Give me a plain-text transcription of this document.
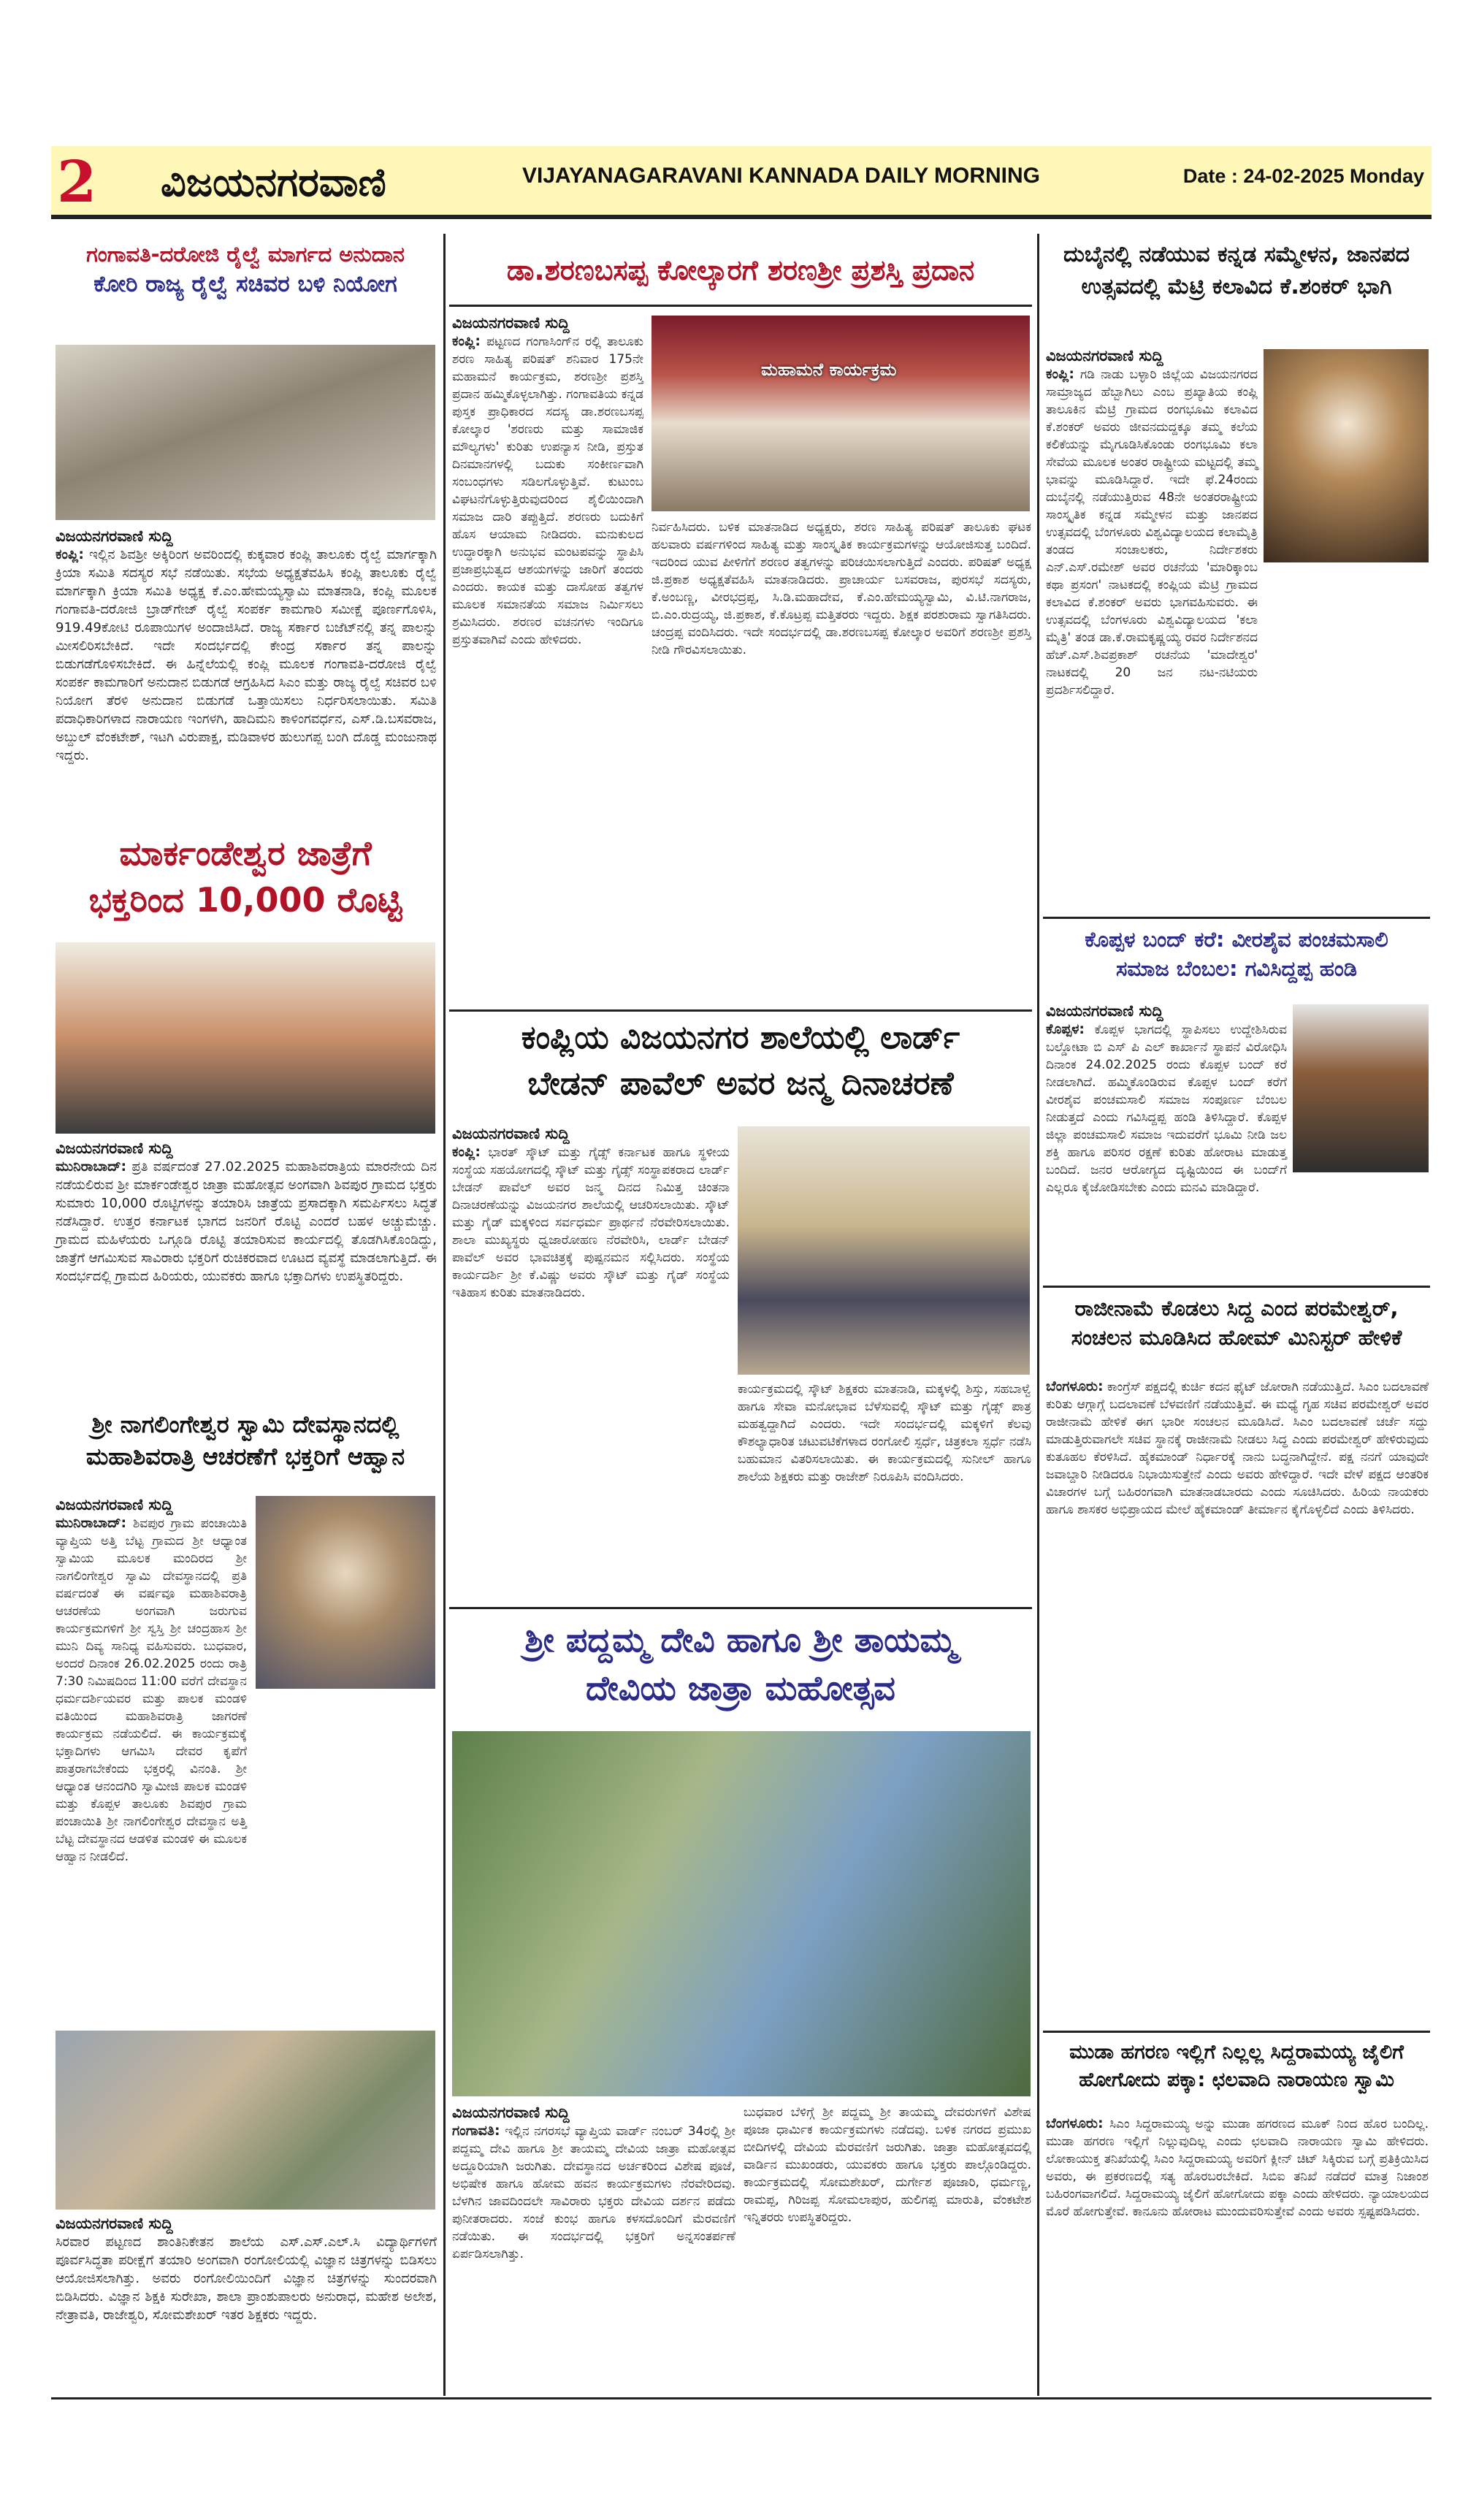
2 ವಿಜಯನಗರವಾಣಿ	VIJAYANAGARAVANI KANNADA DAILY MORNING	Date : 24-02-2025 Monday
ಗಂಗಾವತಿ-ದರೋಜಿ ರೈಲ್ವೆ ಮಾರ್ಗದ ಅನುದಾನ
ಕೋರಿ ರಾಜ್ಯ ರೈಲ್ವೆ ಸಚಿವರ ಬಳಿ ನಿಯೋಗ
ವಿಜಯನಗರವಾಣಿ ಸುದ್ದಿ
ಕಂಪ್ಲಿ: ಇಲ್ಲಿನ ಶಿವಶ್ರೀ ಅಕ್ಕಿರಿಂಗ ಅವರಿಂದಲ್ಲಿ ಕುಕ್ಕವಾರ ಕಂಪ್ಲಿ ತಾಲೂಕು ರೈಲ್ವೆ ಮಾರ್ಗಕ್ಕಾಗಿ ಕ್ರಿಯಾ ಸಮಿತಿ ಸದಸ್ಯರ ಸಭೆ ನಡೆಯಿತು. ಸಭೆಯ ಅಧ್ಯಕ್ಷತೆವಹಿಸಿ ಕಂಪ್ಲಿ ತಾಲೂಕು ರೈಲ್ವೆ ಮಾರ್ಗಕ್ಕಾಗಿ ಕ್ರಿಯಾ ಸಮಿತಿ ಅಧ್ಯಕ್ಷ ಕೆ.ಎಂ.ಹೇಮಯ್ಯಸ್ವಾಮಿ ಮಾತನಾಡಿ, ಕಂಪ್ಲಿ ಮೂಲಕ ಗಂಗಾವತಿ-ದರೋಜಿ ಬ್ರಾಡ್‌ಗೇಜ್ ರೈಲ್ವೆ ಸಂಪರ್ಕ ಕಾಮಗಾರಿ ಸಮೀಕ್ಷೆ ಪೂರ್ಣಗೊಳಿಸಿ, 919.49ಕೋಟಿ ರೂಪಾಯಿಗಳ ಅಂದಾಜಿಸಿದೆ. ರಾಜ್ಯ ಸರ್ಕಾರ ಬಜೆಟ್‌ನಲ್ಲಿ ತನ್ನ ಪಾಲನ್ನು ಮೀಸಲಿರಿಸಬೇಕಿದೆ. ಇದೇ ಸಂದರ್ಭದಲ್ಲಿ ಕೇಂದ್ರ ಸರ್ಕಾರ ತನ್ನ ಪಾಲನ್ನು ಬಿಡುಗಡೆಗೊಳಿಸಬೇಕಿದೆ. ಈ ಹಿನ್ನೆಲೆಯಲ್ಲಿ ಕಂಪ್ಲಿ ಮೂಲಕ ಗಂಗಾವತಿ-ದರೋಜಿ ರೈಲ್ವೆ ಸಂಪರ್ಕ ಕಾಮಗಾರಿಗೆ ಅನುದಾನ ಬಿಡುಗಡೆ ಆಗ್ರಹಿಸಿದ ಸಿಎಂ ಮತ್ತು ರಾಜ್ಯ ರೈಲ್ವೆ ಸಚಿವರ ಬಳಿ ನಿಯೋಗ ತೆರಳಿ ಅನುದಾನ ಬಿಡುಗಡೆ ಒತ್ತಾಯಿಸಲು ನಿರ್ಧರಿಸಲಾಯಿತು. ಸಮಿತಿ ಪದಾಧಿಕಾರಿಗಳಾದ ನಾರಾಯಣ ಇಂಗಳಗಿ, ಹಾದಿಮನಿ ಕಾಳಿಂಗವರ್ಧನ, ಎಸ್.ಡಿ.ಬಸವರಾಜ, ಅಬ್ದುಲ್ ವೆಂಕಟೇಶ್, ಇಟಗಿ ವಿರುಪಾಕ್ಷ, ಮಡಿವಾಳರ ಹುಲುಗಪ್ಪ ಬಂಗಿ ದೊಡ್ಡ ಮಂಜುನಾಥ ಇದ್ದರು.
ಮಾರ್ಕಂಡೇಶ್ವರ ಜಾತ್ರೆಗೆ
ಭಕ್ತರಿಂದ 10,000 ರೊಟ್ಟಿ
ವಿಜಯನಗರವಾಣಿ ಸುದ್ದಿ
ಮುನಿರಾಬಾದ್: ಪ್ರತಿ ವರ್ಷದಂತೆ 27.02.2025 ಮಹಾಶಿವರಾತ್ರಿಯ ಮಾರನೇಯ ದಿನ ನಡೆಯಲಿರುವ ಶ್ರೀ ಮಾರ್ಕಂಡೇಶ್ವರ ಜಾತ್ರಾ ಮಹೋತ್ಸವ ಅಂಗವಾಗಿ ಶಿವಪುರ ಗ್ರಾಮದ ಭಕ್ತರು ಸುಮಾರು 10,000 ರೊಟ್ಟಿಗಳನ್ನು ತಯಾರಿಸಿ ಜಾತ್ರೆಯ ಪ್ರಸಾದಕ್ಕಾಗಿ ಸಮರ್ಪಿಸಲು ಸಿದ್ಧತೆ ನಡೆಸಿದ್ದಾರೆ. ಉತ್ತರ ಕರ್ನಾಟಕ ಭಾಗದ ಜನರಿಗೆ ರೊಟ್ಟಿ ಎಂದರೆ ಬಹಳ ಅಚ್ಚುಮೆಚ್ಚು. ಗ್ರಾಮದ ಮಹಿಳೆಯರು ಒಗ್ಗೂಡಿ ರೊಟ್ಟಿ ತಯಾರಿಸುವ ಕಾರ್ಯದಲ್ಲಿ ತೊಡಗಿಸಿಕೊಂಡಿದ್ದು, ಜಾತ್ರೆಗೆ ಆಗಮಿಸುವ ಸಾವಿರಾರು ಭಕ್ತರಿಗೆ ರುಚಿಕರವಾದ ಊಟದ ವ್ಯವಸ್ಥೆ ಮಾಡಲಾಗುತ್ತಿದೆ. ಈ ಸಂದರ್ಭದಲ್ಲಿ ಗ್ರಾಮದ ಹಿರಿಯರು, ಯುವಕರು ಹಾಗೂ ಭಕ್ತಾದಿಗಳು ಉಪಸ್ಥಿತರಿದ್ದರು.
ಶ್ರೀ ನಾಗಲಿಂಗೇಶ್ವರ ಸ್ವಾಮಿ ದೇವಸ್ಥಾನದಲ್ಲಿ
ಮಹಾಶಿವರಾತ್ರಿ ಆಚರಣೆಗೆ ಭಕ್ತರಿಗೆ ಆಹ್ವಾನ
ವಿಜಯನಗರವಾಣಿ ಸುದ್ದಿ
ಮುನಿರಾಬಾದ್: ಶಿವಪುರ ಗ್ರಾಮ ಪಂಚಾಯಿತಿ ವ್ಯಾಪ್ತಿಯ ಅತ್ತಿ ಬೆಟ್ಟ ಗ್ರಾಮದ ಶ್ರೀ ಆಧ್ಯಾಂತ ಸ್ವಾಮಿಯ ಮೂಲಕ ಮಂದಿರದ ಶ್ರೀ ನಾಗಲಿಂಗೇಶ್ವರ ಸ್ವಾಮಿ ದೇವಸ್ಥಾನದಲ್ಲಿ ಪ್ರತಿ ವರ್ಷದಂತೆ ಈ ವರ್ಷವೂ ಮಹಾಶಿವರಾತ್ರಿ ಆಚರಣೆಯ ಅಂಗವಾಗಿ ಜರುಗುವ ಕಾರ್ಯಕ್ರಮಗಳಿಗೆ ಶ್ರೀ ಸ್ವಸ್ತಿ ಶ್ರೀ ಚಂದ್ರಹಾಸ ಶ್ರೀ ಮುನಿ ದಿವ್ಯ ಸಾನಿಧ್ಯ ವಹಿಸುವರು. ಬುಧವಾರ, ಅಂದರೆ ದಿನಾಂಕ 26.02.2025 ರಂದು ರಾತ್ರಿ 7:30 ನಿಮಿಷದಿಂದ 11:00 ವರೆಗೆ ದೇವಸ್ಥಾನ ಧರ್ಮದರ್ಶಿಯವರ ಮತ್ತು ಪಾಲಕ ಮಂಡಳಿ ವತಿಯಿಂದ ಮಹಾಶಿವರಾತ್ರಿ ಜಾಗರಣೆ ಕಾರ್ಯಕ್ರಮ ನಡೆಯಲಿದೆ. ಈ ಕಾರ್ಯಕ್ರಮಕ್ಕೆ ಭಕ್ತಾದಿಗಳು ಆಗಮಿಸಿ ದೇವರ ಕೃಪೆಗೆ ಪಾತ್ರರಾಗಬೇಕೆಂದು ಭಕ್ತರಲ್ಲಿ ವಿನಂತಿ. ಶ್ರೀ ಆಧ್ಯಾಂತ ಆನಂದಗಿರಿ ಸ್ವಾಮೀಜಿ ಪಾಲಕ ಮಂಡಳಿ ಮತ್ತು ಕೊಪ್ಪಳ ತಾಲೂಕು ಶಿವಪುರ ಗ್ರಾಮ ಪಂಚಾಯಿತಿ ಶ್ರೀ ನಾಗಲಿಂಗೇಶ್ವರ ದೇವಸ್ಥಾನ ಅತ್ತಿ ಬೆಟ್ಟ ದೇವಸ್ಥಾನದ ಆಡಳಿತ ಮಂಡಳಿ ಈ ಮೂಲಕ ಆಹ್ವಾನ ನೀಡಲಿದೆ.
ವಿಜಯನಗರವಾಣಿ ಸುದ್ದಿ
ಸಿರವಾರ ಪಟ್ಟಣದ ಶಾಂತಿನಿಕೇತನ ಶಾಲೆಯ ಎಸ್.ಎಸ್.ಎಲ್.ಸಿ ವಿದ್ಯಾರ್ಥಿಗಳಿಗೆ ಪೂರ್ವಸಿದ್ಧತಾ ಪರೀಕ್ಷೆಗೆ ತಯಾರಿ ಅಂಗವಾಗಿ ರಂಗೋಲಿಯಲ್ಲಿ ವಿಜ್ಞಾನ ಚಿತ್ರಗಳನ್ನು ಬಿಡಿಸಲು ಆಯೋಜಿಸಲಾಗಿತ್ತು. ಅವರು ರಂಗೋಲಿಯಿಂದಿಗೆ ವಿಜ್ಞಾನ ಚಿತ್ರಗಳನ್ನು ಸುಂದರವಾಗಿ ಬಿಡಿಸಿದರು. ವಿಜ್ಞಾನ ಶಿಕ್ಷಕಿ ಸುರೇಖಾ, ಶಾಲಾ ಪ್ರಾಂಶುಪಾಲರು ಅನುರಾಧ, ಮಹೇಶ ಅಲೇಶ, ನೇತ್ರಾವತಿ, ರಾಜೇಶ್ವರಿ, ಸೋಮಶೇಖರ್ ಇತರ ಶಿಕ್ಷಕರು ಇದ್ದರು.
ಡಾ.ಶರಣಬಸಪ್ಪ ಕೋಲ್ಕಾರಗೆ ಶರಣಶ್ರೀ ಪ್ರಶಸ್ತಿ ಪ್ರದಾನ
ವಿಜಯನಗರವಾಣಿ ಸುದ್ದಿ
ಕಂಪ್ಲಿ: ಪಟ್ಟಣದ ಗಂಗಾಸಿಂಗ್‌ನ ರಲ್ಲಿ ತಾಲೂಕು ಶರಣ ಸಾಹಿತ್ಯ ಪರಿಷತ್ ಶನಿವಾರ 175ನೇ ಮಹಾಮನೆ ಕಾರ್ಯಕ್ರಮ, ಶರಣಶ್ರೀ ಪ್ರಶಸ್ತಿ ಪ್ರದಾನ ಹಮ್ಮಿಕೊಳ್ಳಲಾಗಿತ್ತು. ಗಂಗಾವತಿಯ ಕನ್ನಡ ಪುಸ್ತಕ ಪ್ರಾಧಿಕಾರದ ಸದಸ್ಯ ಡಾ.ಶರಣಬಸಪ್ಪ ಕೋಲ್ಕಾರ 'ಶರಣರು ಮತ್ತು ಸಾಮಾಜಿಕ ಮೌಲ್ಯಗಳು' ಕುರಿತು ಉಪನ್ಯಾಸ ನೀಡಿ, ಪ್ರಸ್ತುತ ದಿನಮಾನಗಳಲ್ಲಿ ಬದುಕು ಸಂಕೀರ್ಣವಾಗಿ ಸಂಬಂಧಗಳು ಸಡಿಲಗೊಳ್ಳುತ್ತಿವೆ. ಕುಟುಂಬ ವಿಘಟನೆಗೊಳ್ಳುತ್ತಿರುವುದರಿಂದ ಶೈಲಿಯಿಂದಾಗಿ ಸಮಾಜ ದಾರಿ ತಪ್ಪುತ್ತಿದೆ. ಶರಣರು ಬದುಕಿಗೆ ಹೊಸ ಆಯಾಮ ನೀಡಿದರು. ಮನುಕುಲದ ಉದ್ಧಾರಕ್ಕಾಗಿ ಅನುಭವ ಮಂಟಪವನ್ನು ಸ್ಥಾಪಿಸಿ ಪ್ರಜಾಪ್ರಭುತ್ವದ ಆಶಯಗಳನ್ನು ಜಾರಿಗೆ ತಂದರು ಎಂದರು. ಕಾಯಕ ಮತ್ತು ದಾಸೋಹ ತತ್ವಗಳ ಮೂಲಕ ಸಮಾನತೆಯ ಸಮಾಜ ನಿರ್ಮಿಸಲು ಶ್ರಮಿಸಿದರು. ಶರಣರ ವಚನಗಳು ಇಂದಿಗೂ ಪ್ರಸ್ತುತವಾಗಿವೆ ಎಂದು ಹೇಳಿದರು.
ಮಹಾಮನೆ ಕಾರ್ಯಕ್ರಮ
ನಿರ್ವಹಿಸಿದರು. ಬಳಿಕ ಮಾತನಾಡಿದ ಅಧ್ಯಕ್ಷರು, ಶರಣ ಸಾಹಿತ್ಯ ಪರಿಷತ್ ತಾಲೂಕು ಘಟಕ ಹಲವಾರು ವರ್ಷಗಳಿಂದ ಸಾಹಿತ್ಯ ಮತ್ತು ಸಾಂಸ್ಕೃತಿಕ ಕಾರ್ಯಕ್ರಮಗಳನ್ನು ಆಯೋಜಿಸುತ್ತ ಬಂದಿದೆ. ಇದರಿಂದ ಯುವ ಪೀಳಿಗೆಗೆ ಶರಣರ ತತ್ವಗಳನ್ನು ಪರಿಚಯಿಸಲಾಗುತ್ತಿದೆ ಎಂದರು. ಪರಿಷತ್ ಅಧ್ಯಕ್ಷ ಜಿ.ಪ್ರಕಾಶ ಅಧ್ಯಕ್ಷತೆವಹಿಸಿ ಮಾತನಾಡಿದರು. ಪ್ರಾಚಾರ್ಯ ಬಸವರಾಜ, ಪುರಸಭೆ ಸದಸ್ಯರು, ಕೆ.ಅಂಬಣ್ಣ, ವೀರಭದ್ರಪ್ಪ, ಸಿ.ಡಿ.ಮಹಾದೇವ, ಕೆ.ಎಂ.ಹೇಮಯ್ಯಸ್ವಾಮಿ, ವಿ.ಟಿ.ನಾಗರಾಜ, ಬಿ.ಎಂ.ರುದ್ರಯ್ಯ, ಜಿ.ಪ್ರಕಾಶ, ಕೆ.ಕೊಟ್ರಪ್ಪ ಮತ್ತಿತರರು ಇದ್ದರು. ಶಿಕ್ಷಕ ಪರಶುರಾಮ ಸ್ವಾಗತಿಸಿದರು. ಚಂದ್ರಪ್ಪ ವಂದಿಸಿದರು. ಇದೇ ಸಂದರ್ಭದಲ್ಲಿ ಡಾ.ಶರಣಬಸಪ್ಪ ಕೋಲ್ಕಾರ ಅವರಿಗೆ ಶರಣಶ್ರೀ ಪ್ರಶಸ್ತಿ ನೀಡಿ ಗೌರವಿಸಲಾಯಿತು.
ಕಂಪ್ಲಿಯ ವಿಜಯನಗರ ಶಾಲೆಯಲ್ಲಿ ಲಾರ್ಡ್
ಬೇಡನ್ ಪಾವೆಲ್ ಅವರ ಜನ್ಮ ದಿನಾಚರಣೆ
ವಿಜಯನಗರವಾಣಿ ಸುದ್ದಿ
ಕಂಪ್ಲಿ: ಭಾರತ್ ಸ್ಕೌಟ್ ಮತ್ತು ಗೈಡ್ಸ್ ಕರ್ನಾಟಕ ಹಾಗೂ ಸ್ಥಳೀಯ ಸಂಸ್ಥೆಯ ಸಹಯೋಗದಲ್ಲಿ ಸ್ಕೌಟ್ ಮತ್ತು ಗೈಡ್ಸ್ ಸಂಸ್ಥಾಪಕರಾದ ಲಾರ್ಡ್ ಬೇಡನ್ ಪಾವೆಲ್ ಅವರ ಜನ್ಮ ದಿನದ ನಿಮಿತ್ತ ಚಿಂತನಾ ದಿನಾಚರಣೆಯನ್ನು ವಿಜಯನಗರ ಶಾಲೆಯಲ್ಲಿ ಆಚರಿಸಲಾಯಿತು. ಸ್ಕೌಟ್ ಮತ್ತು ಗೈಡ್ ಮಕ್ಕಳಿಂದ ಸರ್ವಧರ್ಮ ಪ್ರಾರ್ಥನೆ ನೆರವೇರಿಸಲಾಯಿತು. ಶಾಲಾ ಮುಖ್ಯಸ್ಥರು ಧ್ವಜಾರೋಹಣ ನೆರವೇರಿಸಿ, ಲಾರ್ಡ್ ಬೇಡನ್ ಪಾವೆಲ್ ಅವರ ಭಾವಚಿತ್ರಕ್ಕೆ ಪುಷ್ಪನಮನ ಸಲ್ಲಿಸಿದರು. ಸಂಸ್ಥೆಯ ಕಾರ್ಯದರ್ಶಿ ಶ್ರೀ ಕೆ.ವಿಷ್ಣು ಅವರು ಸ್ಕೌಟ್ ಮತ್ತು ಗೈಡ್ ಸಂಸ್ಥೆಯ ಇತಿಹಾಸ ಕುರಿತು ಮಾತನಾಡಿದರು.
ಕಾರ್ಯಕ್ರಮದಲ್ಲಿ ಸ್ಕೌಟ್ ಶಿಕ್ಷಕರು ಮಾತನಾಡಿ, ಮಕ್ಕಳಲ್ಲಿ ಶಿಸ್ತು, ಸಹಬಾಳ್ವೆ ಹಾಗೂ ಸೇವಾ ಮನೋಭಾವ ಬೆಳೆಸುವಲ್ಲಿ ಸ್ಕೌಟ್ ಮತ್ತು ಗೈಡ್ಸ್ ಪಾತ್ರ ಮಹತ್ವದ್ದಾಗಿದೆ ಎಂದರು. ಇದೇ ಸಂದರ್ಭದಲ್ಲಿ ಮಕ್ಕಳಿಗೆ ಕೆಲವು ಕೌಶಲ್ಯಾಧಾರಿತ ಚಟುವಟಿಕೆಗಳಾದ ರಂಗೋಲಿ ಸ್ಪರ್ಧೆ, ಚಿತ್ರಕಲಾ ಸ್ಪರ್ಧೆ ನಡೆಸಿ ಬಹುಮಾನ ವಿತರಿಸಲಾಯಿತು. ಈ ಕಾರ್ಯಕ್ರಮದಲ್ಲಿ ಸುನೀಲ್ ಹಾಗೂ ಶಾಲೆಯ ಶಿಕ್ಷಕರು ಮತ್ತು ರಾಜೇಶ್ ನಿರೂಪಿಸಿ ವಂದಿಸಿದರು.
ಶ್ರೀ ಪದ್ದಮ್ಮ ದೇವಿ ಹಾಗೂ ಶ್ರೀ ತಾಯಮ್ಮ
ದೇವಿಯ ಜಾತ್ರಾ ಮಹೋತ್ಸವ
ವಿಜಯನಗರವಾಣಿ ಸುದ್ದಿ
ಗಂಗಾವತಿ: ಇಲ್ಲಿನ ನಗರಸಭೆ ವ್ಯಾಪ್ತಿಯ ವಾರ್ಡ್ ನಂಬರ್ 34ರಲ್ಲಿ ಶ್ರೀ ಪದ್ದಮ್ಮ ದೇವಿ ಹಾಗೂ ಶ್ರೀ ತಾಯಮ್ಮ ದೇವಿಯ ಜಾತ್ರಾ ಮಹೋತ್ಸವ ಅದ್ದೂರಿಯಾಗಿ ಜರುಗಿತು. ದೇವಸ್ಥಾನದ ಅರ್ಚಕರಿಂದ ವಿಶೇಷ ಪೂಜೆ, ಅಭಿಷೇಕ ಹಾಗೂ ಹೋಮ ಹವನ ಕಾರ್ಯಕ್ರಮಗಳು ನೆರವೇರಿದವು. ಬೆಳಗಿನ ಜಾವದಿಂದಲೇ ಸಾವಿರಾರು ಭಕ್ತರು ದೇವಿಯ ದರ್ಶನ ಪಡೆದು ಪುನೀತರಾದರು. ಸಂಜೆ ಕುಂಭ ಹಾಗೂ ಕಳಸದೊಂದಿಗೆ ಮೆರವಣಿಗೆ ನಡೆಯಿತು. ಈ ಸಂದರ್ಭದಲ್ಲಿ ಭಕ್ತರಿಗೆ ಅನ್ನಸಂತರ್ಪಣೆ ಏರ್ಪಡಿಸಲಾಗಿತ್ತು.
ಬುಧವಾರ ಬೆಳಿಗ್ಗೆ ಶ್ರೀ ಪದ್ದಮ್ಮ ಶ್ರೀ ತಾಯಮ್ಮ ದೇವರುಗಳಿಗೆ ವಿಶೇಷ ಪೂಜಾ ಧಾರ್ಮಿಕ ಕಾರ್ಯಕ್ರಮಗಳು ನಡೆದವು. ಬಳಿಕ ನಗರದ ಪ್ರಮುಖ ಬೀದಿಗಳಲ್ಲಿ ದೇವಿಯ ಮೆರವಣಿಗೆ ಜರುಗಿತು. ಜಾತ್ರಾ ಮಹೋತ್ಸವದಲ್ಲಿ ವಾರ್ಡಿನ ಮುಖಂಡರು, ಯುವಕರು ಹಾಗೂ ಭಕ್ತರು ಪಾಲ್ಗೊಂಡಿದ್ದರು. ಕಾರ್ಯಕ್ರಮದಲ್ಲಿ ಸೋಮಶೇಖರ್, ದುರ್ಗೇಶ ಪೂಜಾರಿ, ಧರ್ಮಣ್ಣ, ರಾಮಪ್ಪ, ಗಿರಿಜಪ್ಪ ಸೋಮಲಾಪುರ, ಹುಲಿಗಪ್ಪ ಮಾರುತಿ, ವೆಂಕಟೇಶ ಇನ್ನಿತರರು ಉಪಸ್ಥಿತರಿದ್ದರು.
ದುಬೈನಲ್ಲಿ ನಡೆಯುವ ಕನ್ನಡ ಸಮ್ಮೇಳನ, ಜಾನಪದ
ಉತ್ಸವದಲ್ಲಿ ಮೆಟ್ರಿ ಕಲಾವಿದ ಕೆ.ಶಂಕರ್ ಭಾಗಿ
ವಿಜಯನಗರವಾಣಿ ಸುದ್ದಿ
ಕಂಪ್ಲಿ: ಗಡಿ ನಾಡು ಬಳ್ಳಾರಿ ಜಿಲ್ಲೆಯ ವಿಜಯನಗರದ ಸಾಮ್ರಾಜ್ಯದ ಹೆಬ್ಬಾಗಿಲು ಎಂಬ ಪ್ರಖ್ಯಾತಿಯ ಕಂಪ್ಲಿ ತಾಲೂಕಿನ ಮೆಟ್ರಿ ಗ್ರಾಮದ ರಂಗಭೂಮಿ ಕಲಾವಿದ ಕೆ.ಶಂಕರ್ ಅವರು ಜೀವನದುದ್ದಕ್ಕೂ ತಮ್ಮ ಕಲೆಯ ಕಲಿಕೆಯನ್ನು ಮೈಗೂಡಿಸಿಕೊಂಡು ರಂಗಭೂಮಿ ಕಲಾ ಸೇವೆಯ ಮೂಲಕ ಅಂತರ ರಾಷ್ಟ್ರೀಯ ಮಟ್ಟದಲ್ಲಿ ತಮ್ಮ ಭಾವನ್ನು ಮೂಡಿಸಿದ್ದಾರೆ. ಇದೇ ಫೆ.24ರಂದು ದುಬೈನಲ್ಲಿ ನಡೆಯುತ್ತಿರುವ 48ನೇ ಅಂತರರಾಷ್ಟ್ರೀಯ ಸಾಂಸ್ಕೃತಿಕ ಕನ್ನಡ ಸಮ್ಮೇಳನ ಮತ್ತು ಜಾನಪದ ಉತ್ಸವದಲ್ಲಿ ಬೆಂಗಳೂರು ವಿಶ್ವವಿದ್ಯಾಲಯದ ಕಲಾಮೈತ್ರಿ ತಂಡದ ಸಂಚಾಲಕರು, ನಿರ್ದೇಶಕರು ಎನ್.ಎಸ್.ರಮೇಶ್ ಅವರ ರಚನೆಯ 'ಮಾರಿಕ್ಕಾಂಬ ಕಥಾ ಪ್ರಸಂಗ' ನಾಟಕದಲ್ಲಿ ಕಂಪ್ಲಿಯ ಮೆಟ್ರಿ ಗ್ರಾಮದ ಕಲಾವಿದ ಕೆ.ಶಂಕರ್ ಅವರು ಭಾಗವಹಿಸುವರು. ಈ ಉತ್ಸವದಲ್ಲಿ ಬೆಂಗಳೂರು ವಿಶ್ವವಿದ್ಯಾಲಯದ 'ಕಲಾ ಮೈತ್ರಿ' ತಂಡ ಡಾ.ಕೆ.ರಾಮಕೃಷ್ಣಯ್ಯ ರವರ ನಿರ್ದೇಶನದ ಹೆಚ್.ಎಸ್.ಶಿವಪ್ರಕಾಶ್ ರಚನೆಯ 'ಮಾದೇಶ್ವರ' ನಾಟಕದಲ್ಲಿ 20 ಜನ ನಟ-ನಟಿಯರು ಪ್ರದರ್ಶಿಸಲಿದ್ದಾರೆ.
ಕೊಪ್ಪಳ ಬಂದ್ ಕರೆ: ವೀರಶೈವ ಪಂಚಮಸಾಲಿ
ಸಮಾಜ ಬೆಂಬಲ: ಗವಿಸಿದ್ದಪ್ಪ ಹಂಡಿ
ವಿಜಯನಗರವಾಣಿ ಸುದ್ದಿ
ಕೊಪ್ಪಳ: ಕೊಪ್ಪಳ ಭಾಗದಲ್ಲಿ ಸ್ಥಾಪಿಸಲು ಉದ್ದೇಶಿಸಿರುವ ಬಲ್ಡೋಟಾ ಬಿ ಎಸ್ ಪಿ ಎಲ್ ಕಾರ್ಖಾನೆ ಸ್ಥಾಪನೆ ವಿರೋಧಿಸಿ ದಿನಾಂಕ 24.02.2025 ರಂದು ಕೊಪ್ಪಳ ಬಂದ್ ಕರೆ ನೀಡಲಾಗಿದೆ. ಹಮ್ಮಿಕೊಂಡಿರುವ ಕೊಪ್ಪಳ ಬಂದ್ ಕರೆಗೆ ವೀರಶೈವ ಪಂಚಮಸಾಲಿ ಸಮಾಜ ಸಂಪೂರ್ಣ ಬೆಂಬಲ ನೀಡುತ್ತದೆ ಎಂದು ಗವಿಸಿದ್ದಪ್ಪ ಹಂಡಿ ತಿಳಿಸಿದ್ದಾರೆ. ಕೊಪ್ಪಳ ಜಿಲ್ಲಾ ಪಂಚಮಸಾಲಿ ಸಮಾಜ ಇದುವರೆಗೆ ಭೂಮಿ ನೀಡಿ ಜಲ ಶಕ್ತಿ ಹಾಗೂ ಪರಿಸರ ರಕ್ಷಣೆ ಕುರಿತು ಹೋರಾಟ ಮಾಡುತ್ತ ಬಂದಿದೆ. ಜನರ ಆರೋಗ್ಯದ ದೃಷ್ಟಿಯಿಂದ ಈ ಬಂದ್‌ಗೆ ಎಲ್ಲರೂ ಕೈಜೋಡಿಸಬೇಕು ಎಂದು ಮನವಿ ಮಾಡಿದ್ದಾರೆ.
ರಾಜೀನಾಮೆ ಕೊಡಲು ಸಿದ್ದ ಎಂದ ಪರಮೇಶ್ವರ್,
ಸಂಚಲನ ಮೂಡಿಸಿದ ಹೋಮ್ ಮಿನಿಸ್ಟರ್ ಹೇಳಿಕೆ
ಬೆಂಗಳೂರು: ಕಾಂಗ್ರೆಸ್ ಪಕ್ಷದಲ್ಲಿ ಕುರ್ಚಿ ಕದನ ಫೈಟ್ ಜೋರಾಗಿ ನಡೆಯುತ್ತಿದೆ. ಸಿಎಂ ಬದಲಾವಣೆ ಕುರಿತು ಆಗ್ಗಾಗ್ಗೆ ಬದಲಾವಣೆ ಬೆಳವಣಿಗೆ ನಡೆಯುತ್ತಿವೆ. ಈ ಮಧ್ಯೆ ಗೃಹ ಸಚಿವ ಪರಮೇಶ್ವರ್ ಅವರ ರಾಜೀನಾಮೆ ಹೇಳಿಕೆ ಈಗ ಭಾರೀ ಸಂಚಲನ ಮೂಡಿಸಿದೆ. ಸಿಎಂ ಬದಲಾವಣೆ ಚರ್ಚೆ ಸದ್ದು ಮಾಡುತ್ತಿರುವಾಗಲೇ ಸಚಿವ ಸ್ಥಾನಕ್ಕೆ ರಾಜೀನಾಮೆ ನೀಡಲು ಸಿದ್ಧ ಎಂದು ಪರಮೇಶ್ವರ್ ಹೇಳಿರುವುದು ಕುತೂಹಲ ಕೆರಳಿಸಿದೆ. ಹೈಕಮಾಂಡ್ ನಿರ್ಧಾರಕ್ಕೆ ನಾನು ಬದ್ಧನಾಗಿದ್ದೇನೆ. ಪಕ್ಷ ನನಗೆ ಯಾವುದೇ ಜವಾಬ್ದಾರಿ ನೀಡಿದರೂ ನಿಭಾಯಿಸುತ್ತೇನೆ ಎಂದು ಅವರು ಹೇಳಿದ್ದಾರೆ. ಇದೇ ವೇಳೆ ಪಕ್ಷದ ಆಂತರಿಕ ವಿಚಾರಗಳ ಬಗ್ಗೆ ಬಹಿರಂಗವಾಗಿ ಮಾತನಾಡಬಾರದು ಎಂದು ಸೂಚಿಸಿದರು. ಹಿರಿಯ ನಾಯಕರು ಹಾಗೂ ಶಾಸಕರ ಅಭಿಪ್ರಾಯದ ಮೇಲೆ ಹೈಕಮಾಂಡ್ ತೀರ್ಮಾನ ಕೈಗೊಳ್ಳಲಿದೆ ಎಂದು ತಿಳಿಸಿದರು.
ಮುಡಾ ಹಗರಣ ಇಲ್ಲಿಗೆ ನಿಲ್ಲಲ್ಲ ಸಿದ್ದರಾಮಯ್ಯ ಜೈಲಿಗೆ
ಹೋಗೋದು ಪಕ್ಕಾ: ಛಲವಾದಿ ನಾರಾಯಣ ಸ್ವಾಮಿ
ಬೆಂಗಳೂರು: ಸಿಎಂ ಸಿದ್ದರಾಮಯ್ಯ ಅನ್ನು ಮುಡಾ ಹಗರಣದ ಮೂಕ್ ನಿಂದ ಹೊರ ಬಂದಿಲ್ಲ. ಮುಡಾ ಹಗರಣ ಇಲ್ಲಿಗೆ ನಿಲ್ಲುವುದಿಲ್ಲ ಎಂದು ಛಲವಾದಿ ನಾರಾಯಣ ಸ್ವಾಮಿ ಹೇಳಿದರು. ಲೋಕಾಯುಕ್ತ ತನಿಖೆಯಲ್ಲಿ ಸಿಎಂ ಸಿದ್ದರಾಮಯ್ಯ ಅವರಿಗೆ ಕ್ಲೀನ್ ಚಿಟ್ ಸಿಕ್ಕಿರುವ ಬಗ್ಗೆ ಪ್ರತಿಕ್ರಿಯಿಸಿದ ಅವರು, ಈ ಪ್ರಕರಣದಲ್ಲಿ ಸತ್ಯ ಹೊರಬರಬೇಕಿದೆ. ಸಿಬಿಐ ತನಿಖೆ ನಡೆದರೆ ಮಾತ್ರ ನಿಜಾಂಶ ಬಹಿರಂಗವಾಗಲಿದೆ. ಸಿದ್ದರಾಮಯ್ಯ ಜೈಲಿಗೆ ಹೋಗೋದು ಪಕ್ಕಾ ಎಂದು ಹೇಳಿದರು. ನ್ಯಾಯಾಲಯದ ಮೊರೆ ಹೋಗುತ್ತೇವೆ. ಕಾನೂನು ಹೋರಾಟ ಮುಂದುವರಿಸುತ್ತೇವೆ ಎಂದು ಅವರು ಸ್ಪಷ್ಟಪಡಿಸಿದರು.
